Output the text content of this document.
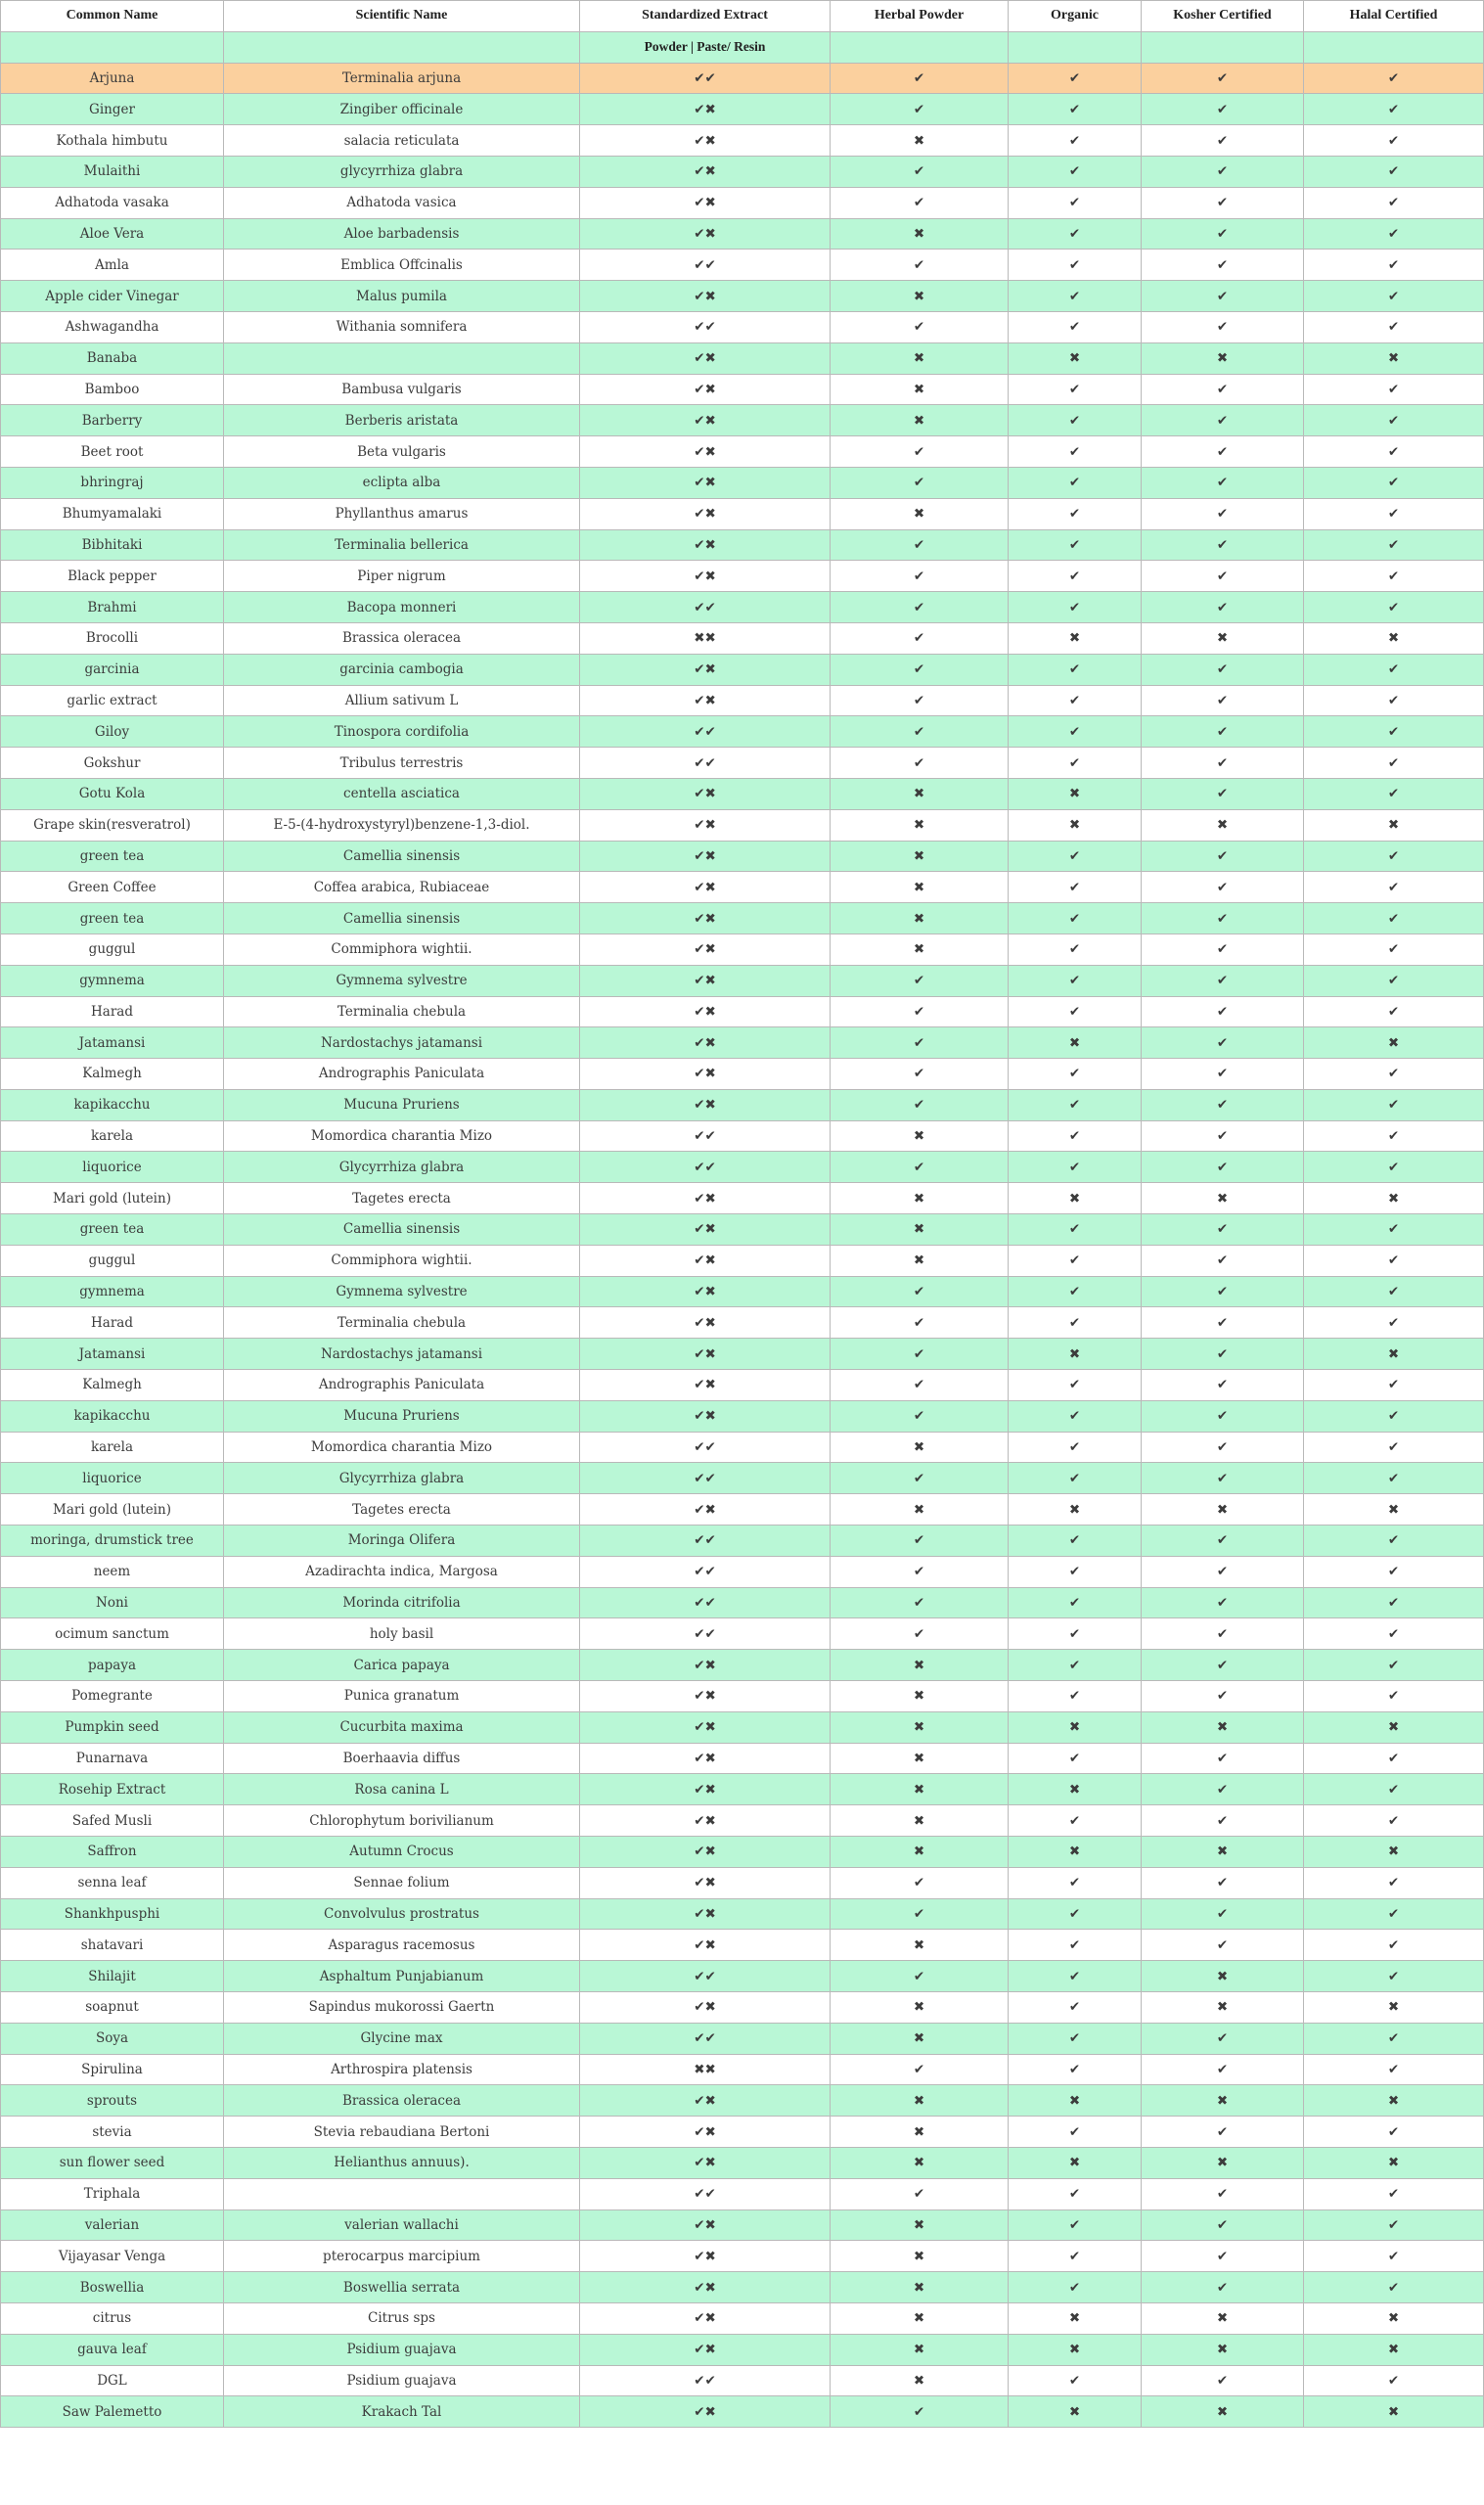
Common Name	Scientific Name	Standardized Extract	Herbal Powder	Organic	Kosher Certified	Halal Certified
		Powder | Paste/ Resin				
Arjuna	Terminalia arjuna	✔✔	✔	✔	✔	✔
Ginger	Zingiber officinale	✔✖	✔	✔	✔	✔
Kothala himbutu	salacia reticulata	✔✖	✖	✔	✔	✔
Mulaithi	glycyrrhiza glabra	✔✖	✔	✔	✔	✔
Adhatoda vasaka	Adhatoda vasica	✔✖	✔	✔	✔	✔
Aloe Vera	Aloe barbadensis	✔✖	✖	✔	✔	✔
Amla	Emblica Offcinalis	✔✔	✔	✔	✔	✔
Apple cider Vinegar	Malus pumila	✔✖	✖	✔	✔	✔
Ashwagandha	Withania somnifera	✔✔	✔	✔	✔	✔
Banaba		✔✖	✖	✖	✖	✖
Bamboo	Bambusa vulgaris	✔✖	✖	✔	✔	✔
Barberry	Berberis aristata	✔✖	✖	✔	✔	✔
Beet root	Beta vulgaris	✔✖	✔	✔	✔	✔
bhringraj	eclipta alba	✔✖	✔	✔	✔	✔
Bhumyamalaki	Phyllanthus amarus	✔✖	✖	✔	✔	✔
Bibhitaki	Terminalia bellerica	✔✖	✔	✔	✔	✔
Black pepper	Piper nigrum	✔✖	✔	✔	✔	✔
Brahmi	Bacopa monneri	✔✔	✔	✔	✔	✔
Brocolli	Brassica oleracea	✖✖	✔	✖	✖	✖
garcinia	garcinia cambogia	✔✖	✔	✔	✔	✔
garlic extract	Allium sativum L	✔✖	✔	✔	✔	✔
Giloy	Tinospora cordifolia	✔✔	✔	✔	✔	✔
Gokshur	Tribulus terrestris	✔✔	✔	✔	✔	✔
Gotu Kola	centella asciatica	✔✖	✖	✖	✔	✔
Grape skin(resveratrol)	E-5-(4-hydroxystyryl)benzene-1,3-diol.	✔✖	✖	✖	✖	✖
green tea	Camellia sinensis	✔✖	✖	✔	✔	✔
Green Coffee	Coffea arabica, Rubiaceae	✔✖	✖	✔	✔	✔
green tea	Camellia sinensis	✔✖	✖	✔	✔	✔
guggul	Commiphora wightii.	✔✖	✖	✔	✔	✔
gymnema	Gymnema sylvestre	✔✖	✔	✔	✔	✔
Harad	Terminalia chebula	✔✖	✔	✔	✔	✔
Jatamansi	Nardostachys jatamansi	✔✖	✔	✖	✔	✖
Kalmegh	Andrographis Paniculata	✔✖	✔	✔	✔	✔
kapikacchu	Mucuna Pruriens	✔✖	✔	✔	✔	✔
karela	Momordica charantia Mizo	✔✔	✖	✔	✔	✔
liquorice	Glycyrrhiza glabra	✔✔	✔	✔	✔	✔
Mari gold (lutein)	Tagetes erecta	✔✖	✖	✖	✖	✖
green tea	Camellia sinensis	✔✖	✖	✔	✔	✔
guggul	Commiphora wightii.	✔✖	✖	✔	✔	✔
gymnema	Gymnema sylvestre	✔✖	✔	✔	✔	✔
Harad	Terminalia chebula	✔✖	✔	✔	✔	✔
Jatamansi	Nardostachys jatamansi	✔✖	✔	✖	✔	✖
Kalmegh	Andrographis Paniculata	✔✖	✔	✔	✔	✔
kapikacchu	Mucuna Pruriens	✔✖	✔	✔	✔	✔
karela	Momordica charantia Mizo	✔✔	✖	✔	✔	✔
liquorice	Glycyrrhiza glabra	✔✔	✔	✔	✔	✔
Mari gold (lutein)	Tagetes erecta	✔✖	✖	✖	✖	✖
moringa, drumstick tree	Moringa Olifera	✔✔	✔	✔	✔	✔
neem	Azadirachta indica, Margosa	✔✔	✔	✔	✔	✔
Noni	Morinda citrifolia	✔✔	✔	✔	✔	✔
ocimum sanctum	holy basil	✔✔	✔	✔	✔	✔
papaya	Carica papaya	✔✖	✖	✔	✔	✔
Pomegrante	Punica granatum	✔✖	✖	✔	✔	✔
Pumpkin seed	Cucurbita maxima	✔✖	✖	✖	✖	✖
Punarnava	Boerhaavia diffus	✔✖	✖	✔	✔	✔
Rosehip Extract	Rosa canina L	✔✖	✖	✖	✔	✔
Safed Musli	Chlorophytum borivilianum	✔✖	✖	✔	✔	✔
Saffron	Autumn Crocus	✔✖	✖	✖	✖	✖
senna leaf	Sennae folium	✔✖	✔	✔	✔	✔
Shankhpusphi	Convolvulus prostratus	✔✖	✔	✔	✔	✔
shatavari	Asparagus racemosus	✔✖	✖	✔	✔	✔
Shilajit	Asphaltum Punjabianum	✔✔	✔	✔	✖	✔
soapnut	Sapindus mukorossi Gaertn	✔✖	✖	✔	✖	✖
Soya	Glycine max	✔✔	✖	✔	✔	✔
Spirulina	Arthrospira platensis	✖✖	✔	✔	✔	✔
sprouts	Brassica oleracea	✔✖	✖	✖	✖	✖
stevia	Stevia rebaudiana Bertoni	✔✖	✖	✔	✔	✔
sun flower seed	Helianthus annuus).	✔✖	✖	✖	✖	✖
Triphala		✔✔	✔	✔	✔	✔
valerian	valerian wallachi	✔✖	✖	✔	✔	✔
Vijayasar Venga	pterocarpus marcipium	✔✖	✖	✔	✔	✔
Boswellia	Boswellia serrata	✔✖	✖	✔	✔	✔
citrus	Citrus sps	✔✖	✖	✖	✖	✖
gauva leaf	Psidium guajava	✔✖	✖	✖	✖	✖
DGL	Psidium guajava	✔✔	✖	✔	✔	✔
Saw Palemetto	Krakach Tal	✔✖	✔	✖	✖	✖
